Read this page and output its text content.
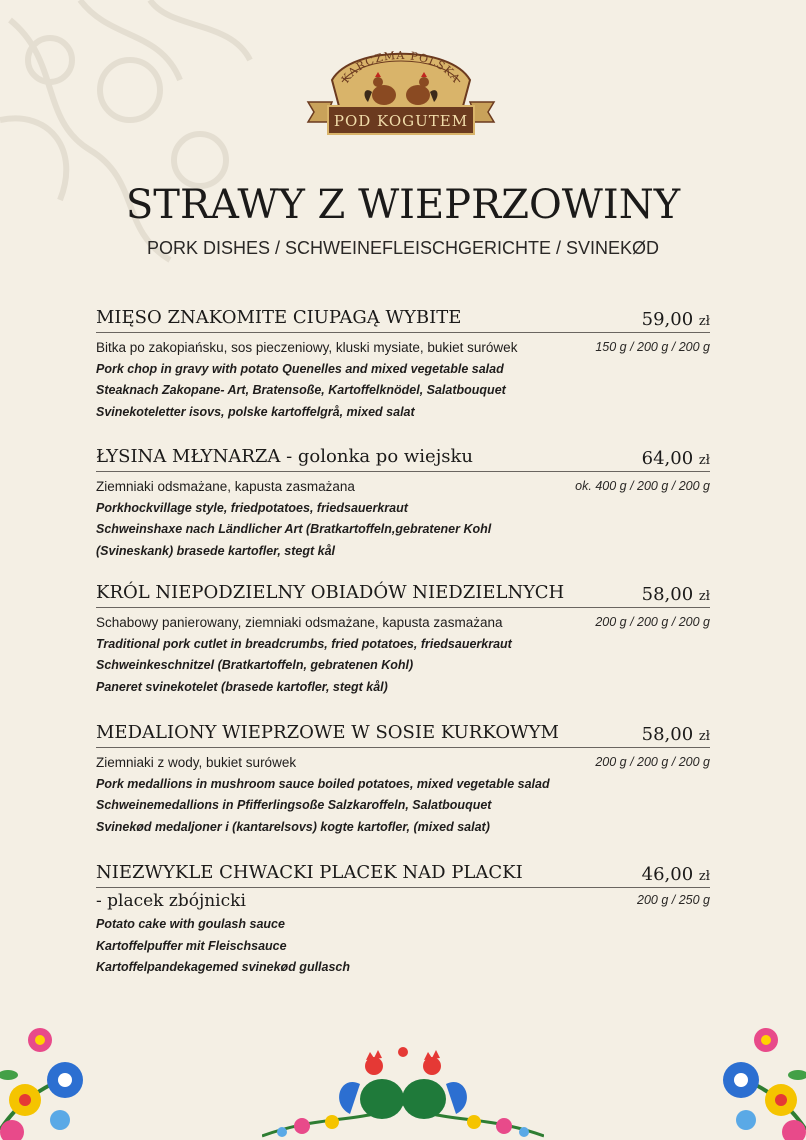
KARCZMA POLSKA
POD KOGUTEM
STRAWY Z WIEPRZOWINY
PORK DISHES / SCHWEINEFLEISCHGERICHTE / SVINEKØD
MIĘSO ZNAKOMITE CIUPAGĄ WYBITE	59,00 zł
150 g / 200 g / 200 g
Bitka po zakopiańsku, sos pieczeniowy, kluski mysiate, bukiet surówek
Pork chop in gravy with potato Quenelles and mixed vegetable salad
Steaknach Zakopane- Art, Bratensoße, Kartoffelknödel, Salatbouquet
Svinekoteletter isovs, polske kartoffelgrå, mixed salat
ŁYSINA MŁYNARZA - golonka po wiejsku	64,00 zł
ok. 400 g / 200 g / 200 g
Ziemniaki odsmażane, kapusta zasmażana
Porkhockvillage style, friedpotatoes, friedsauerkraut
Schweinshaxe nach Ländlicher Art (Bratkartoffeln,gebratener Kohl
(Svineskank) brasede kartofler, stegt kål
KRÓL NIEPODZIELNY OBIADÓW NIEDZIELNYCH	58,00 zł
200 g / 200 g / 200 g
Schabowy panierowany, ziemniaki odsmażane, kapusta zasmażana
Traditional pork cutlet in breadcrumbs, fried potatoes, friedsauerkraut
Schweinkeschnitzel (Bratkartoffeln, gebratenen Kohl)
Paneret svinekotelet (brasede kartofler, stegt kål)
MEDALIONY WIEPRZOWE W SOSIE KURKOWYM	58,00 zł
200 g / 200 g / 200 g
Ziemniaki z wody, bukiet surówek
Pork medallions in mushroom sauce boiled potatoes, mixed vegetable salad
Schweinemedallions in Pfifferlingsoße Salzkaroffeln, Salatbouquet
Svinekød medaljoner i (kantarelsovs) kogte kartofler, (mixed salat)
NIEZWYKLE CHWACKI PLACEK NAD PLACKI	46,00 zł
200 g / 250 g
- placek zbójnicki
Potato cake with goulash sauce
Kartoffelpuffer mit Fleischsauce
Kartoffelpandekagemed svinekød gullasch
